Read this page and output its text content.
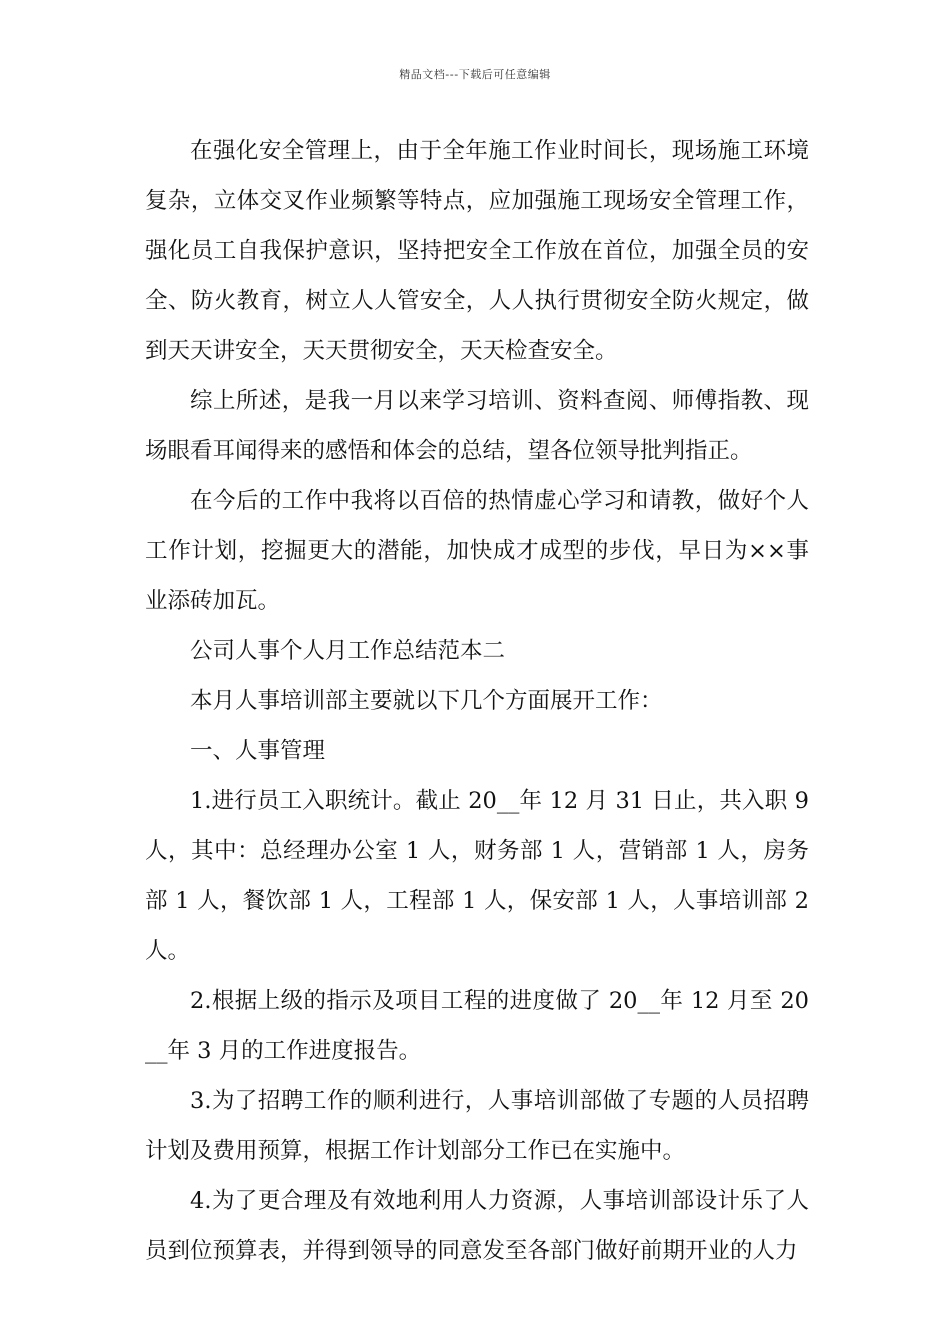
精品文档---下载后可任意编辑

在强化安全管理上，由于全年施工作业时间长，现场施工环境复杂，立体交叉作业频繁等特点，应加强施工现场安全管理工作，强化员工自我保护意识，坚持把安全工作放在首位，加强全员的安全、防火教育，树立人人管安全，人人执行贯彻安全防火规定，做到天天讲安全，天天贯彻安全，天天检查安全。

综上所述，是我一月以来学习培训、资料查阅、师傅指教、现场眼看耳闻得来的感悟和体会的总结，望各位领导批判指正。

在今后的工作中我将以百倍的热情虚心学习和请教，做好个人工作计划，挖掘更大的潜能，加快成才成型的步伐，早日为××事业添砖加瓦。

公司人事个人月工作总结范本二

本月人事培训部主要就以下几个方面展开工作：

一、人事管理

1.进行员工入职统计。截止 20__年 12 月 31 日止，共入职 9 人，其中：总经理办公室 1 人，财务部 1 人，营销部 1 人，房务部 1 人，餐饮部 1 人，工程部 1 人，保安部 1 人，人事培训部 2 人。

2.根据上级的指示及项目工程的进度做了 20__年 12 月至 20__年 3 月的工作进度报告。

3.为了招聘工作的顺利进行，人事培训部做了专题的人员招聘计划及费用预算，根据工作计划部分工作已在实施中。

4.为了更合理及有效地利用人力资源，人事培训部设计乐了人员到位预算表，并得到领导的同意发至各部门做好前期开业的人力
